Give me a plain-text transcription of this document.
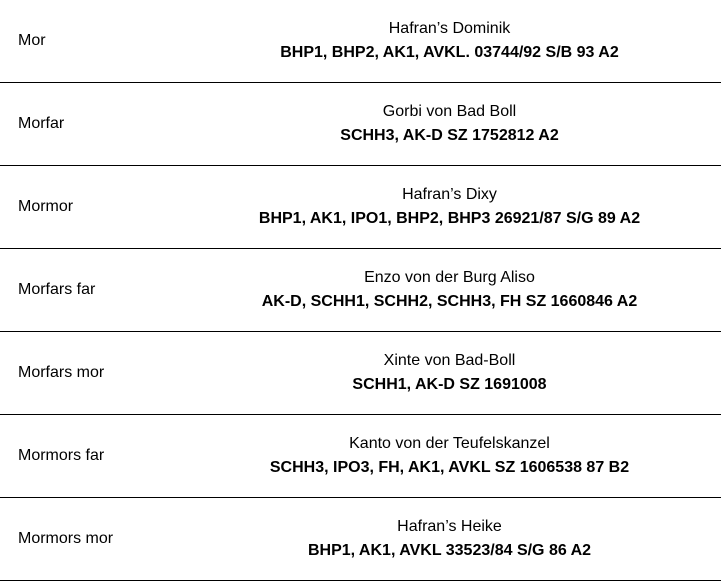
Mor	Hafran’s Dominik
BHP1, BHP2, AK1, AVKL. 03744/92 S/B 93 A2

Morfar	Gorbi von Bad Boll
SCHH3, AK-D SZ 1752812 A2

Mormor	Hafran’s Dixy
BHP1, AK1, IPO1, BHP2, BHP3 26921/87 S/G 89 A2

Morfars far	Enzo von der Burg Aliso
AK-D, SCHH1, SCHH2, SCHH3, FH SZ 1660846 A2

Morfars mor	Xinte von Bad-Boll
SCHH1, AK-D SZ 1691008

Mormors far	Kanto von der Teufelskanzel
SCHH3, IPO3, FH, AK1, AVKL SZ 1606538 87 B2

Mormors mor	Hafran’s Heike
BHP1, AK1, AVKL 33523/84 S/G 86 A2
